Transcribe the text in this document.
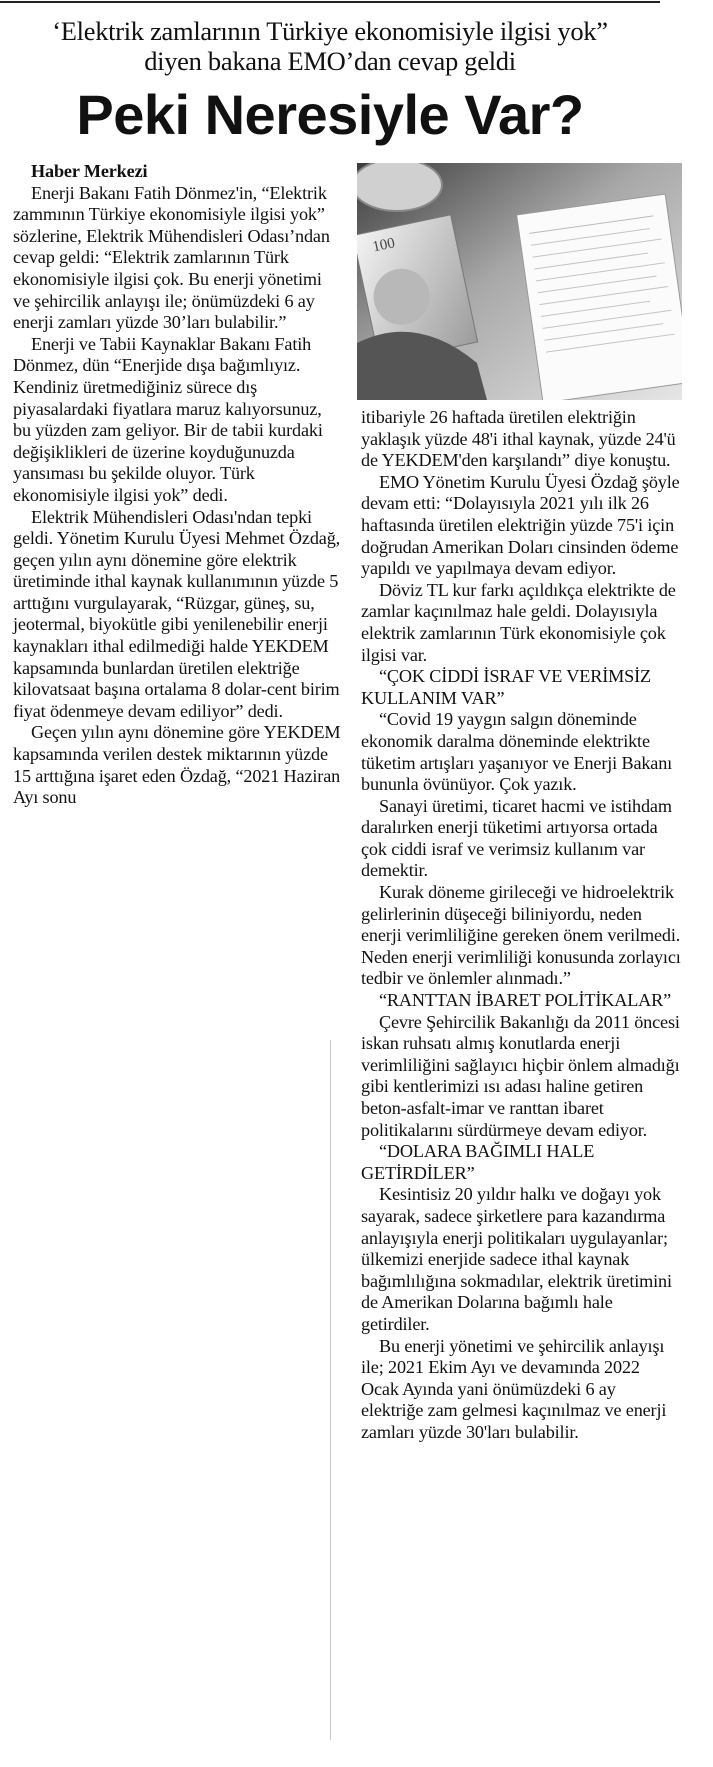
‘Elektrik zamlarının Türkiye ekonomisiyle ilgisi yok”
diyen bakana EMO’dan cevap geldi
Peki Neresiyle Var?

Haber Merkezi

Enerji Bakanı Fatih Dönmez'in, “Elektrik zammının Türkiye ekonomisiyle ilgisi yok” sözlerine, Elektrik Mühendisleri Odası’ndan cevap geldi: “Elektrik zamlarının Türk ekonomisiyle ilgisi çok. Bu enerji yönetimi ve şehircilik anlayışı ile; önümüzdeki 6 ay enerji zamları yüzde 30’ları bulabilir.”

Enerji ve Tabii Kaynaklar Bakanı Fatih Dönmez, dün “Enerjide dışa bağımlıyız. Kendiniz üretmediğiniz sürece dış piyasalardaki fiyatlara maruz kalıyorsunuz, bu yüzden zam geliyor. Bir de tabii kurdaki değişiklikleri de üzerine koyduğunuzda yansıması bu şekilde oluyor. Türk ekonomisiyle ilgisi yok” dedi.

Elektrik Mühendisleri Odası'ndan tepki geldi. Yönetim Kurulu Üyesi Mehmet Özdağ, geçen yılın aynı dönemine göre elektrik üretiminde ithal kaynak kullanımının yüzde 5 arttığını vurgulayarak, “Rüzgar, güneş, su, jeotermal, biyokütle gibi yenilenebilir enerji kaynakları ithal edilmediği halde YEKDEM kapsamında bunlardan üretilen elektriğe kilovatsaat başına ortalama 8 dolar-cent birim fiyat ödenmeye devam ediliyor” dedi.

Geçen yılın aynı dönemine göre YEKDEM kapsamında verilen destek miktarının yüzde 15 arttığına işaret eden Özdağ, “2021 Haziran Ayı sonu

100

itibariyle 26 haftada üretilen elektriğin yaklaşık yüzde 48'i ithal kaynak, yüzde 24'ü de YEKDEM'den karşılandı” diye konuştu.

EMO Yönetim Kurulu Üyesi Özdağ şöyle devam etti: “Dolayısıyla 2021 yılı ilk 26 haftasında üretilen elektriğin yüzde 75'i için doğrudan Amerikan Doları cinsinden ödeme yapıldı ve yapılmaya devam ediyor.

Döviz TL kur farkı açıldıkça elektrikte de zamlar kaçınılmaz hale geldi. Dolayısıyla elektrik zamlarının Türk ekonomisiyle çok ilgisi var.

“ÇOK CİDDİ İSRAF VE VERİMSİZ KULLANIM VAR”

“Covid 19 yaygın salgın döneminde ekonomik daralma döneminde elektrikte tüketim artışları yaşanıyor ve Enerji Bakanı bununla övünüyor. Çok yazık.

Sanayi üretimi, ticaret hacmi ve istihdam daralırken enerji tüketimi artıyorsa ortada çok ciddi israf ve verimsiz kullanım var demektir.

Kurak döneme girileceği ve hidroelektrik gelirlerinin düşeceği biliniyordu, neden enerji verimliliğine gereken önem verilmedi. Neden enerji verimliliği konusunda zorlayıcı tedbir ve önlemler alınmadı.”

“RANTTAN İBARET POLİTİKALAR”

Çevre Şehircilik Bakanlığı da 2011 öncesi iskan ruhsatı almış konutlarda enerji verimliliğini sağlayıcı hiçbir önlem almadığı gibi kentlerimizi ısı adası haline getiren beton-asfalt-imar ve ranttan ibaret politikalarını sürdürmeye devam ediyor.

“DOLARA BAĞIMLI HALE GETİRDİLER”

Kesintisiz 20 yıldır halkı ve doğayı yok sayarak, sadece şirketlere para kazandırma anlayışıyla enerji politikaları uygulayanlar; ülkemizi enerjide sadece ithal kaynak bağımlılığına sokmadılar, elektrik üretimini de Amerikan Dolarına bağımlı hale getirdiler.

Bu enerji yönetimi ve şehircilik anlayışı ile; 2021 Ekim Ayı ve devamında 2022 Ocak Ayında yani önümüzdeki 6 ay elektriğe zam gelmesi kaçınılmaz ve enerji zamları yüzde 30'ları bulabilir.
